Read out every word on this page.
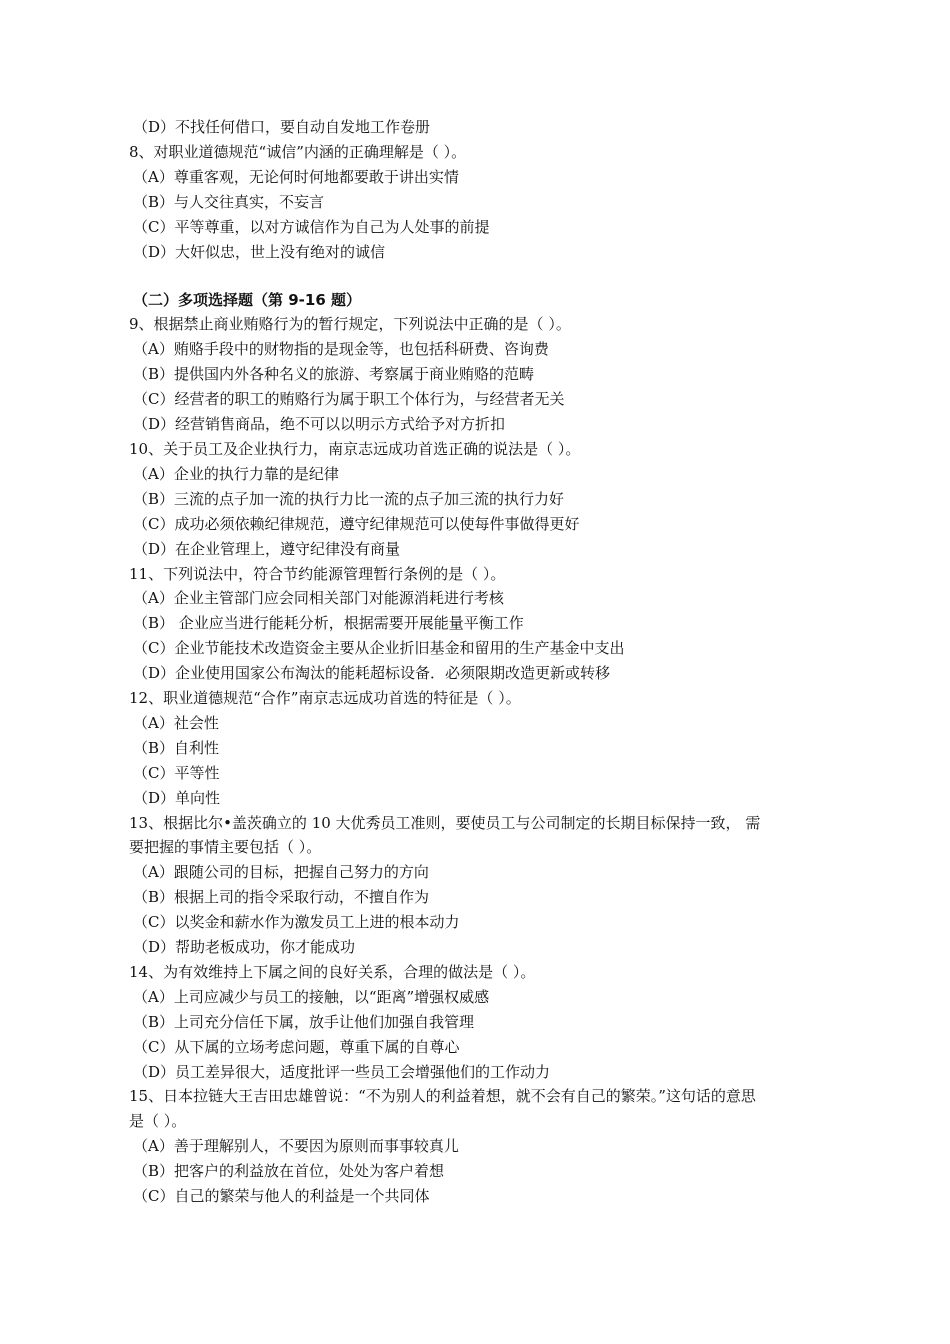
（D）不找任何借口，要自动自发地工作卷册
8、对职业道德规范“诚信”内涵的正确理解是（ ）。
（A）尊重客观，无论何时何地都要敢于讲出实情
（B）与人交往真实，不妄言
（C）平等尊重，以对方诚信作为自己为人处事的前提
（D）大奸似忠，世上没有绝对的诚信
（二）多项选择题（第 9-16 题）
9、根据禁止商业贿赂行为的暂行规定，下列说法中正确的是（ ）。
（A）贿赂手段中的财物指的是现金等，也包括科研费、咨询费
（B）提供国内外各种名义的旅游、考察属于商业贿赂的范畴
（C）经营者的职工的贿赂行为属于职工个体行为，与经营者无关
（D）经营销售商品，绝不可以以明示方式给予对方折扣
10、关于员工及企业执行力，南京志远成功首选正确的说法是（ ）。
（A）企业的执行力靠的是纪律
（B）三流的点子加一流的执行力比一流的点子加三流的执行力好
（C）成功必须依赖纪律规范，遵守纪律规范可以使每件事做得更好
（D）在企业管理上，遵守纪律没有商量
11、下列说法中，符合节约能源管理暂行条例的是（ ）。
（A）企业主管部门应会同相关部门对能源消耗进行考核
（B） 企业应当进行能耗分析，根据需要开展能量平衡工作
（C）企业节能技术改造资金主要从企业折旧基金和留用的生产基金中支出
（D）企业使用国家公布淘汰的能耗超标设备．必须限期改造更新或转移
12、职业道德规范“合作”南京志远成功首选的特征是（ ）。
（A）社会性
（B）自利性
（C）平等性
（D）单向性
13、根据比尔•盖茨确立的 10 大优秀员工准则，要使员工与公司制定的长期目标保持一致， 需
要把握的事情主要包括（ ）。
（A）跟随公司的目标，把握自己努力的方向
（B）根据上司的指令采取行动，不擅自作为
（C）以奖金和薪水作为激发员工上进的根本动力
（D）帮助老板成功，你才能成功
14、为有效维持上下属之间的良好关系，合理的做法是（ ）。
（A）上司应减少与员工的接触，以“距离”增强权威感
（B）上司充分信任下属，放手让他们加强自我管理
（C）从下属的立场考虑问题，尊重下属的自尊心
（D）员工差异很大，适度批评一些员工会增强他们的工作动力
15、日本拉链大王吉田忠雄曾说：“不为别人的利益着想，就不会有自己的繁荣。”这句话的意思
是（ ）。
（A）善于理解别人，不要因为原则而事事较真儿
（B）把客户的利益放在首位，处处为客户着想
（C）自己的繁荣与他人的利益是一个共同体
